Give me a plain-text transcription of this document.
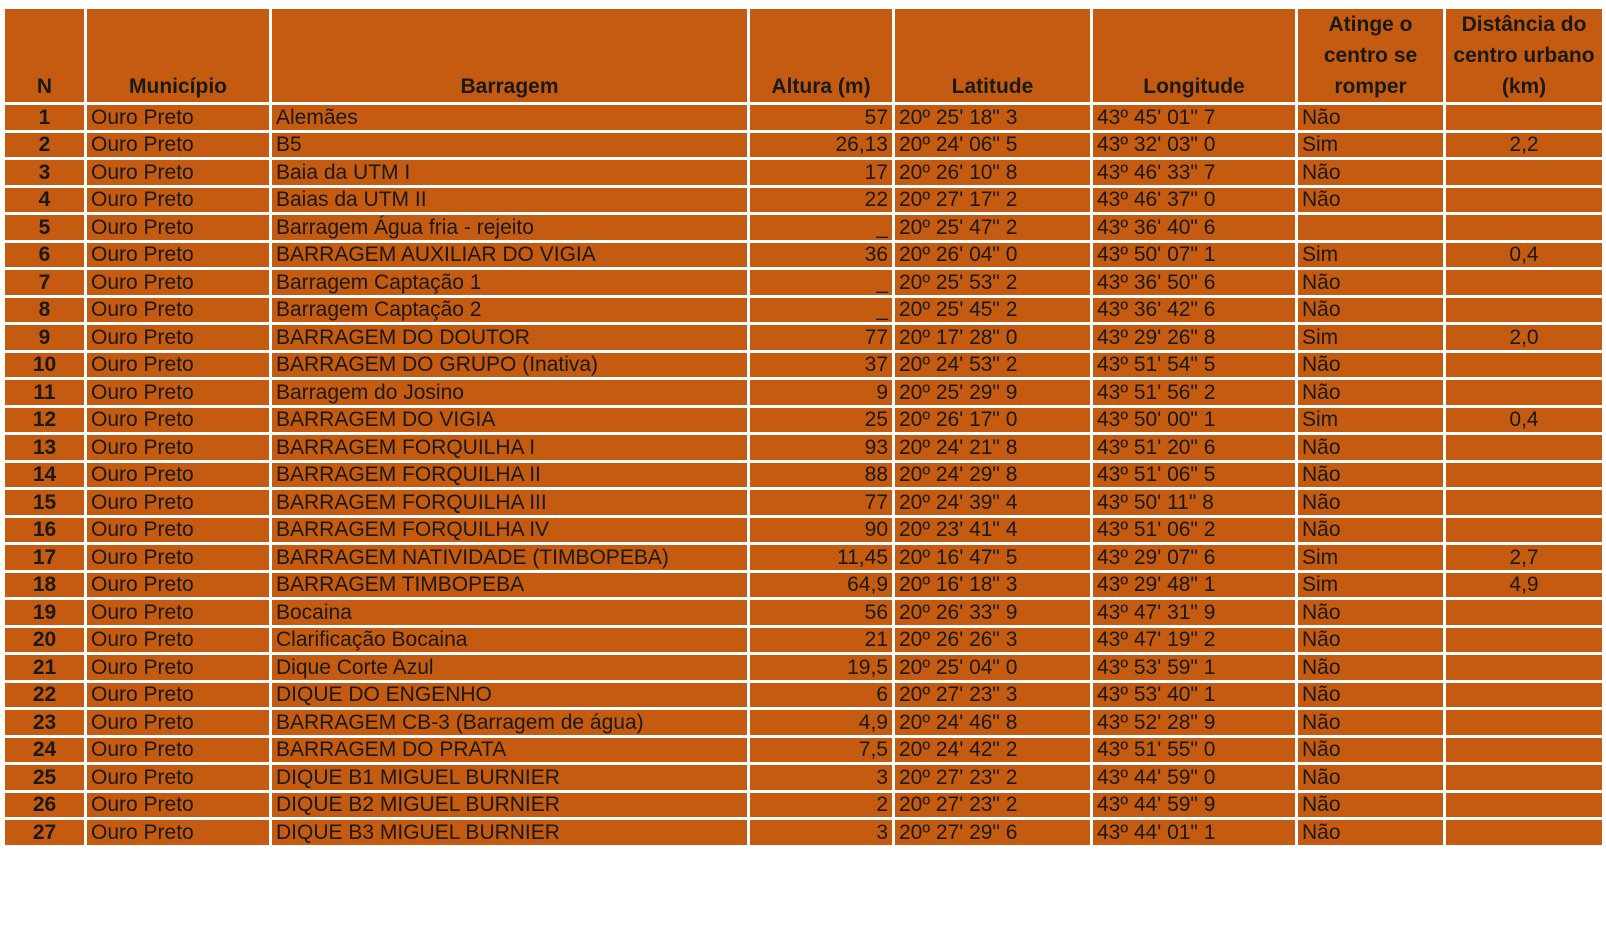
N	Município	Barragem	Altura (m)	Latitude	Longitude	Atinge o centro se romper	Distância do centro urbano (km)
1	Ouro Preto	Alemães	57	20º 25' 18" 3	43º 45' 01" 7	Não	
2	Ouro Preto	B5	26,13	20º 24' 06" 5	43º 32' 03" 0	Sim	2,2
3	Ouro Preto	Baia da UTM I	17	20º 26' 10" 8	43º 46' 33" 7	Não	
4	Ouro Preto	Baias da UTM II	22	20º 27' 17" 2	43º 46' 37" 0	Não	
5	Ouro Preto	Barragem Água fria - rejeito	_	20º 25' 47" 2	43º 36' 40" 6		
6	Ouro Preto	BARRAGEM AUXILIAR DO VIGIA	36	20º 26' 04" 0	43º 50' 07" 1	Sim	0,4
7	Ouro Preto	Barragem Captação 1	_	20º 25' 53" 2	43º 36' 50" 6	Não	
8	Ouro Preto	Barragem Captação 2	_	20º 25' 45" 2	43º 36' 42" 6	Não	
9	Ouro Preto	BARRAGEM DO DOUTOR	77	20º 17' 28" 0	43º 29' 26" 8	Sim	2,0
10	Ouro Preto	BARRAGEM DO GRUPO (Inativa)	37	20º 24' 53" 2	43º 51' 54" 5	Não	
11	Ouro Preto	Barragem do Josino	9	20º 25' 29" 9	43º 51' 56" 2	Não	
12	Ouro Preto	BARRAGEM DO VIGIA	25	20º 26' 17" 0	43º 50' 00" 1	Sim	0,4
13	Ouro Preto	BARRAGEM FORQUILHA I	93	20º 24' 21" 8	43º 51' 20" 6	Não	
14	Ouro Preto	BARRAGEM FORQUILHA II	88	20º 24' 29" 8	43º 51' 06" 5	Não	
15	Ouro Preto	BARRAGEM FORQUILHA III	77	20º 24' 39" 4	43º 50' 11" 8	Não	
16	Ouro Preto	BARRAGEM FORQUILHA IV	90	20º 23' 41" 4	43º 51' 06" 2	Não	
17	Ouro Preto	BARRAGEM NATIVIDADE (TIMBOPEBA)	11,45	20º 16' 47" 5	43º 29' 07" 6	Sim	2,7
18	Ouro Preto	BARRAGEM TIMBOPEBA	64,9	20º 16' 18" 3	43º 29' 48" 1	Sim	4,9
19	Ouro Preto	Bocaina	56	20º 26' 33" 9	43º 47' 31" 9	Não	
20	Ouro Preto	Clarificação Bocaina	21	20º 26' 26" 3	43º 47' 19" 2	Não	
21	Ouro Preto	Dique Corte Azul	19,5	20º 25' 04" 0	43º 53' 59" 1	Não	
22	Ouro Preto	DIQUE DO ENGENHO	6	20º 27' 23" 3	43º 53' 40" 1	Não	
23	Ouro Preto	BARRAGEM CB-3 (Barragem de água)	4,9	20º 24' 46" 8	43º 52' 28" 9	Não	
24	Ouro Preto	BARRAGEM DO PRATA	7,5	20º 24' 42" 2	43º 51' 55" 0	Não	
25	Ouro Preto	DIQUE B1 MIGUEL BURNIER	3	20º 27' 23" 2	43º 44' 59" 0	Não	
26	Ouro Preto	DIQUE B2 MIGUEL BURNIER	2	20º 27' 23" 2	43º 44' 59" 9	Não	
27	Ouro Preto	DIQUE B3 MIGUEL BURNIER	3	20º 27' 29" 6	43º 44' 01" 1	Não	
